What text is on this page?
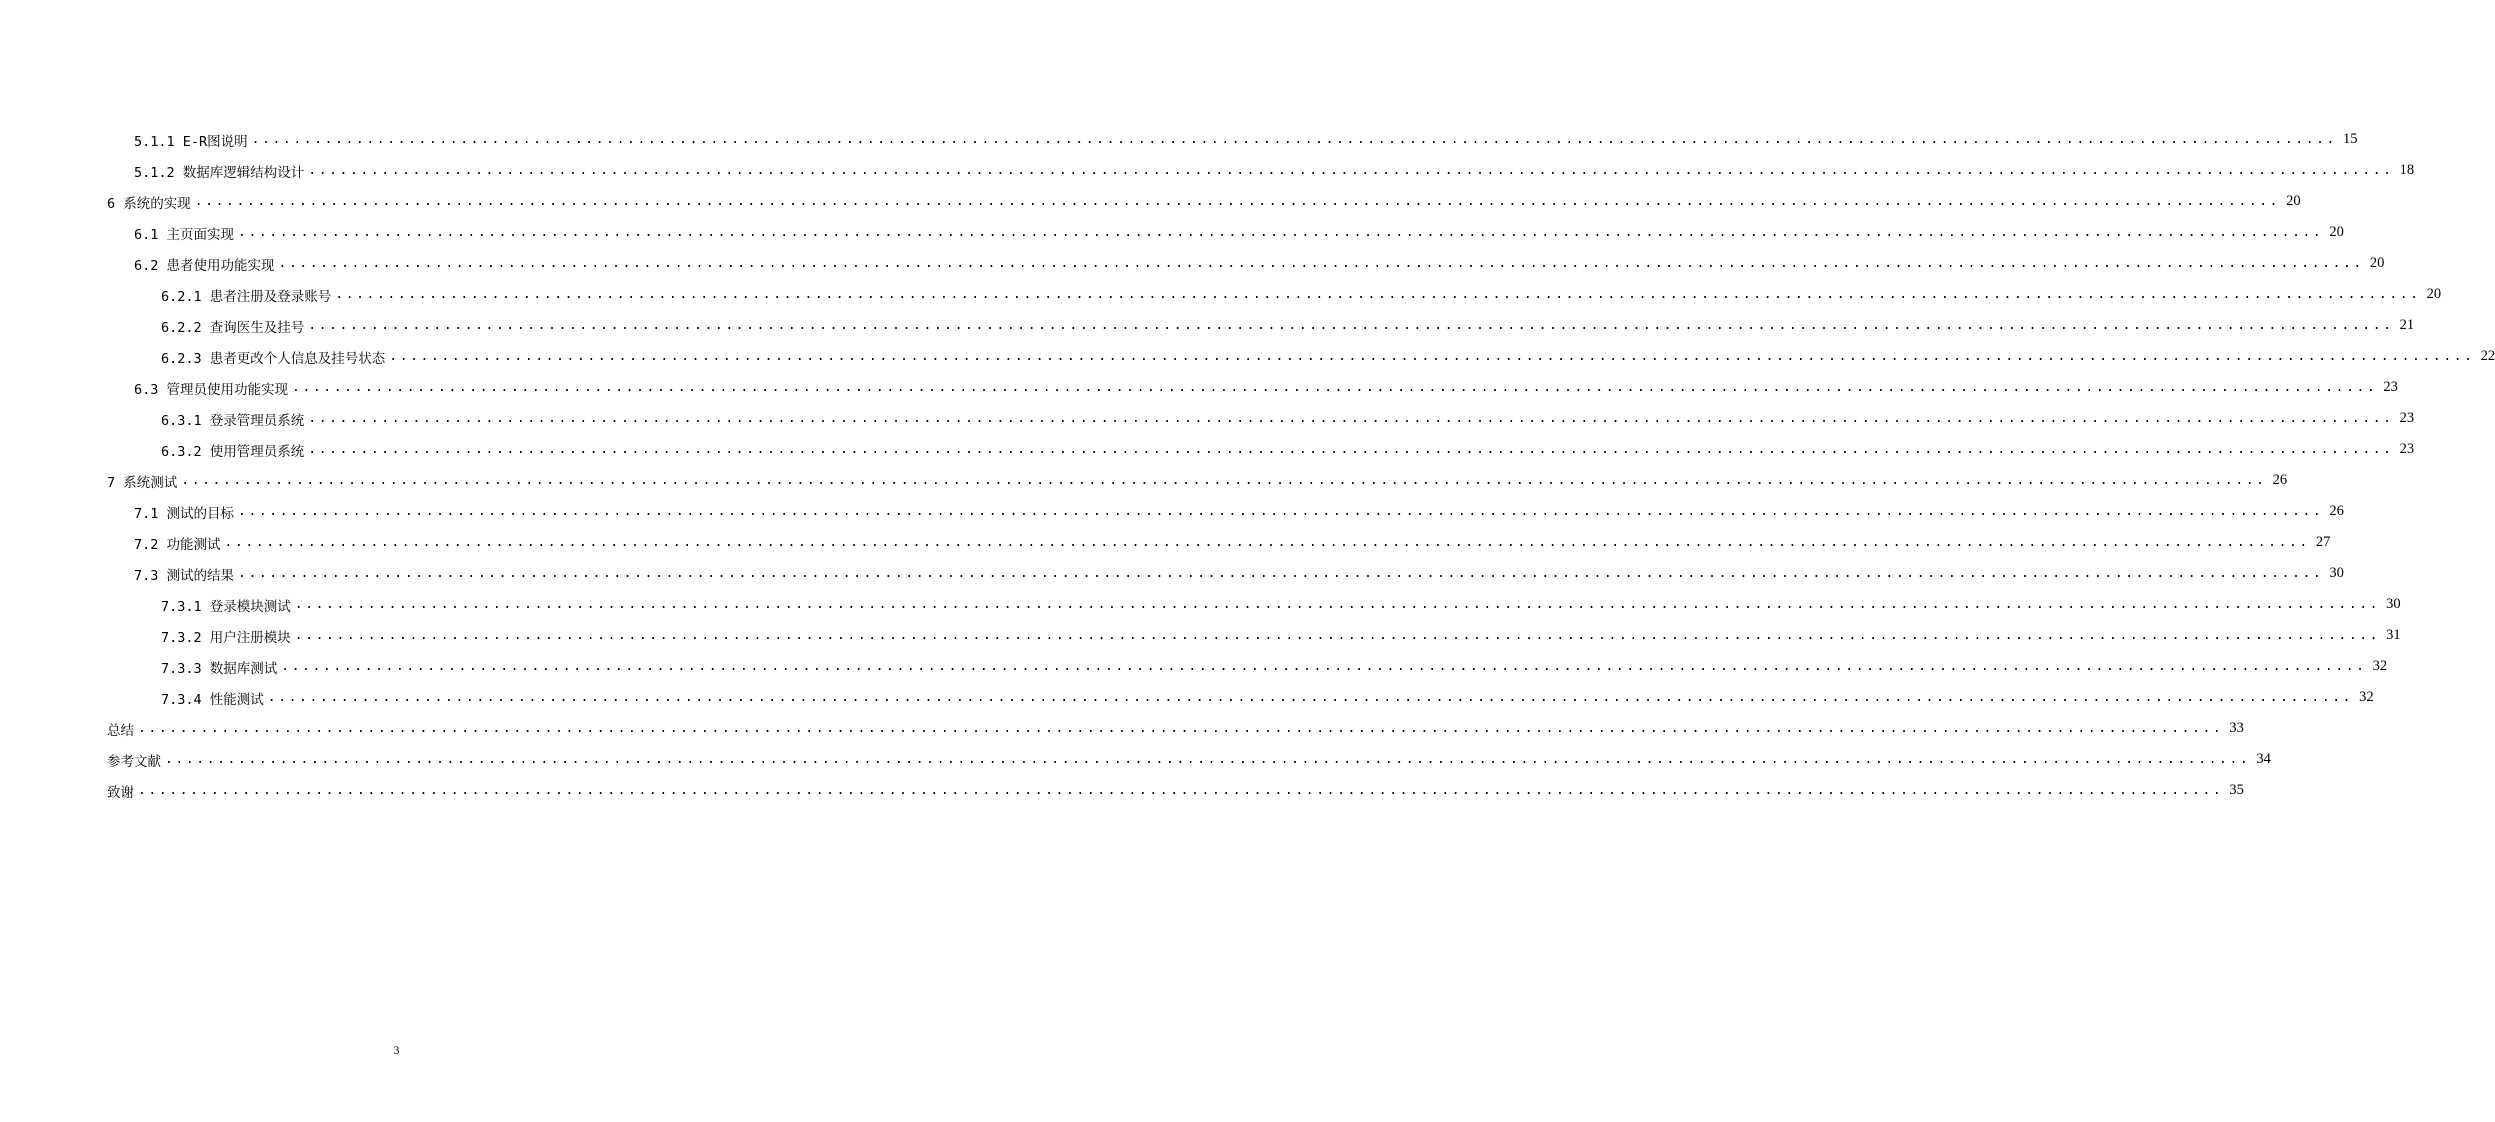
5.1.1 E-R图说明 ........................................................................................................................................................................................................ 15
5.1.2 数据库逻辑结构设计 ........................................................................................................................................................................................................ 18
6 系统的实现 ........................................................................................................................................................................................................ 20
6.1 主页面实现 ........................................................................................................................................................................................................ 20
6.2 患者使用功能实现 ........................................................................................................................................................................................................ 20
6.2.1 患者注册及登录账号 ........................................................................................................................................................................................................ 20
6.2.2 查询医生及挂号 ........................................................................................................................................................................................................ 21
6.2.3 患者更改个人信息及挂号状态 ........................................................................................................................................................................................................ 22
6.3 管理员使用功能实现 ........................................................................................................................................................................................................ 23
6.3.1 登录管理员系统 ........................................................................................................................................................................................................ 23
6.3.2 使用管理员系统 ........................................................................................................................................................................................................ 23
7 系统测试 ........................................................................................................................................................................................................ 26
7.1 测试的目标 ........................................................................................................................................................................................................ 26
7.2 功能测试 ........................................................................................................................................................................................................ 27
7.3 测试的结果 ........................................................................................................................................................................................................ 30
7.3.1 登录模块测试 ........................................................................................................................................................................................................ 30
7.3.2 用户注册模块 ........................................................................................................................................................................................................ 31
7.3.3 数据库测试 ........................................................................................................................................................................................................ 32
7.3.4 性能测试 ........................................................................................................................................................................................................ 32
总结 ........................................................................................................................................................................................................ 33
参考文献 ........................................................................................................................................................................................................ 34
致谢 ........................................................................................................................................................................................................ 35
3
